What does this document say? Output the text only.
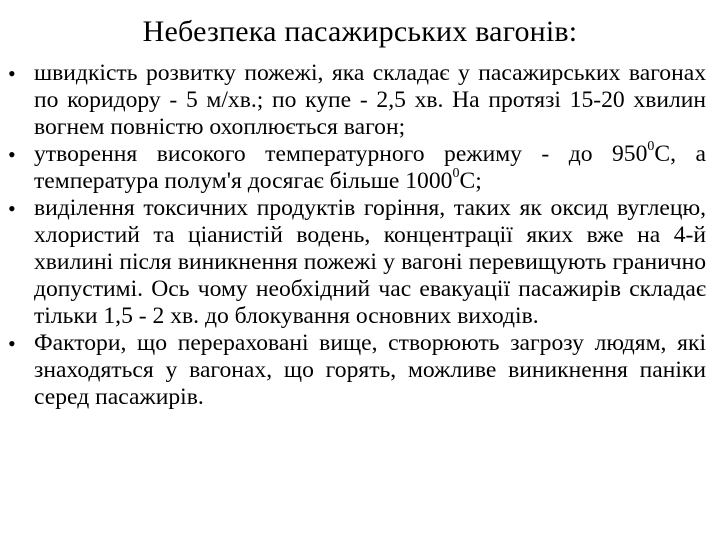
Небезпека пасажирських вагонів:
• швидкість розвитку пожежі, яка складає у пасажирських вагонах по коридору - 5 м/хв.; по купе - 2,5 хв. На протязі 15-20 хвилин вогнем повністю охоплюється вагон;
• утворення високого температурного режиму - до $950^0С$, а температура полум'я досягає більше 1000$^0$С;
• виділення токсичних продуктів горіння, таких як оксид вуглецю, хлористий та ціанистій водень, концентрації яких вже на 4-й хвилині після виникнення пожежі у вагоні перевищують гранично допустимі. Ось чому необхідний час евакуації пасажирів складає тільки 1,5 - 2 хв. до блокування основних виходів.
• Фактори, що перераховані вище, створюють загрозу людям, які знаходяться у вагонах, що горять, можливе виникнення паніки серед пасажирів.
